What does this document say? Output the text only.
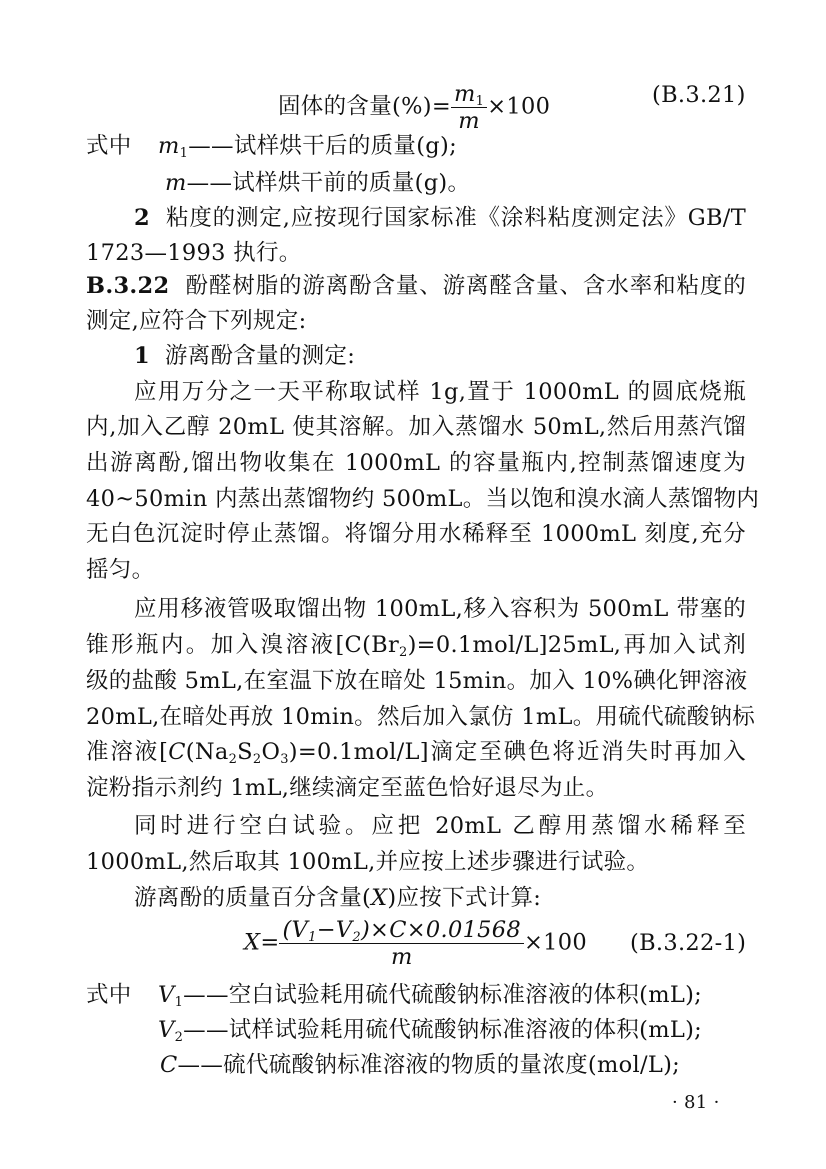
固体的含量(%)= $\frac{m_1}{m} \times 100$	(B.3.21)
式中 $m_1——$试样烘干后的质量(g);
m——试样烘干前的质量(g)。
2 粘度的测定,应按现行国家标准《涂料粘度测定法》GB/T
1723—1993 执行。
B.3.22 酚醛树脂的游离酚含量、游离醛含量、含水率和粘度的
测定,应符合下列规定:
1 游离酚含量的测定:
应用万分之一天平称取试样 1g,置于 1000mL 的圆底烧瓶
内,加入乙醇 20mL 使其溶解。加入蒸馏水 50mL,然后用蒸汽馏
出游离酚,馏出物收集在 1000mL 的容量瓶内,控制蒸馏速度为
40~50min 内蒸出蒸馏物约 500mL。当以饱和溴水滴人蒸馏物内
无白色沉淀时停止蒸馏。将馏分用水稀释至 1000mL 刻度,充分
摇匀。
应用移液管吸取馏出物 100mL,移入容积为 500mL 带塞的
锥形瓶内。加入溴溶液$[C(Br_2)=0.1mol/L]25mL$,再加入试剂
级的盐酸 5mL,在室温下放在暗处 15min。加入 10%碘化钾溶液
20mL,在暗处再放 10min。然后加入氯仿 1mL。用硫代硫酸钠标
准溶液$[C(Na_2S_2O_3)=0.1mol/L]$滴定至碘色将近消失时再加入
淀粉指示剂约 1mL,继续滴定至蓝色恰好退尽为止。
同时进行空白试验。应把 20mL 乙醇用蒸馏水稀释至
1000mL,然后取其 100mL,并应按上述步骤进行试验。
游离酚的质量百分含量(X)应按下式计算:
$X= \frac{(V_1-V_2)\times C\times 0.01568}{m} \times 100$ (B.3.22-1)
式中 $V_1——$空白试验耗用硫代硫酸钠标准溶液的体积(mL);
$V_2——$试样试验耗用硫代硫酸钠标准溶液的体积(mL);
C——硫代硫酸钠标准溶液的物质的量浓度(mol/L);
· 81 ·
